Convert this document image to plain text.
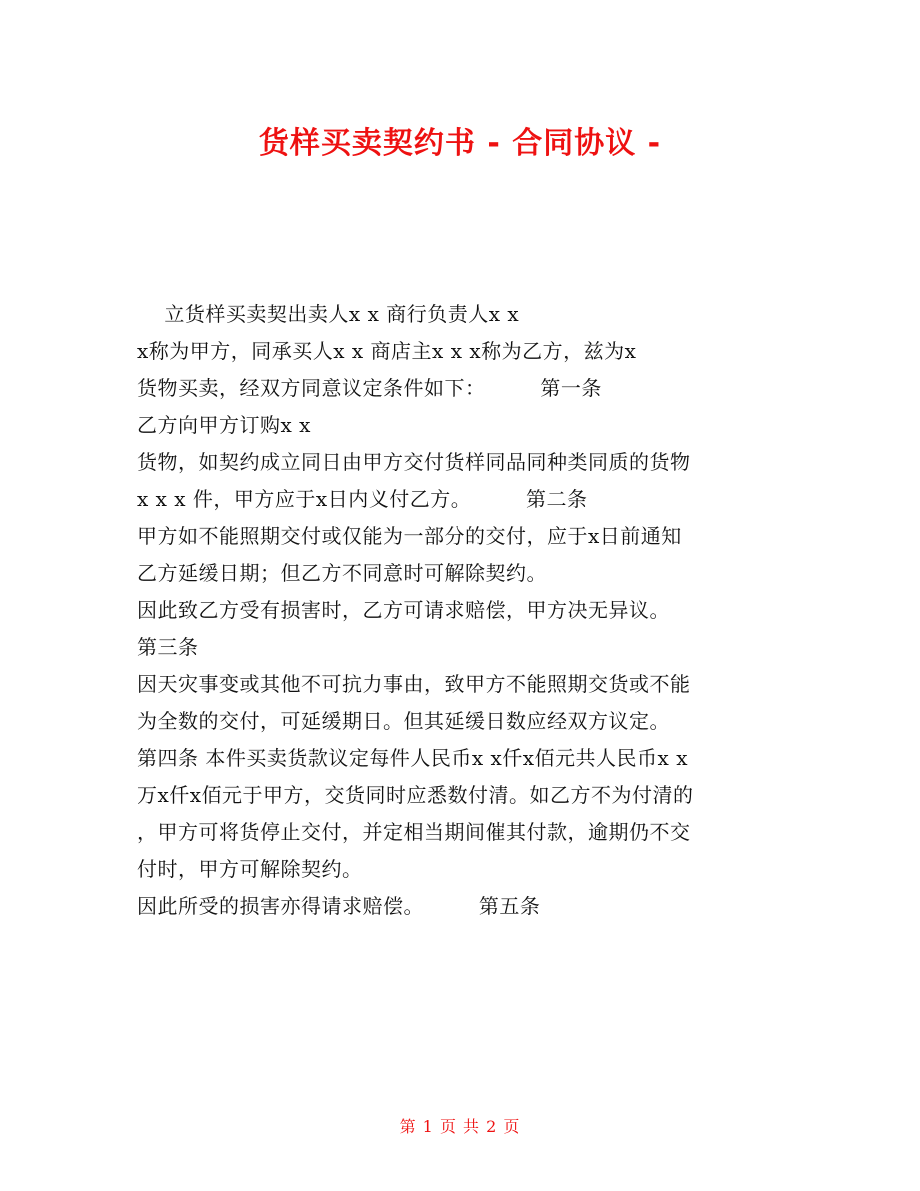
货样买卖契约书 - 合同协议 -
立货样买卖契出卖人x x 商行负责人x x
x称为甲方，同承买人x x 商店主x x x称为乙方，兹为x
货物买卖，经双方同意议定条件如下：        第一条
乙方向甲方订购x x
货物，如契约成立同日由甲方交付货样同品同种类同质的货物
x x x 件，甲方应于x日内义付乙方。        第二条
甲方如不能照期交付或仅能为一部分的交付，应于x日前通知
乙方延缓日期；但乙方不同意时可解除契约。
因此致乙方受有损害时，乙方可请求赔偿，甲方决无异议。
第三条
因天灾事变或其他不可抗力事由，致甲方不能照期交货或不能
为全数的交付，可延缓期日。但其延缓日数应经双方议定。
第四条 本件买卖货款议定每件人民币x x仟x佰元共人民币x x
万x仟x佰元于甲方，交货同时应悉数付清。如乙方不为付清的
，甲方可将货停止交付，并定相当期间催其付款，逾期仍不交
付时，甲方可解除契约。
因此所受的损害亦得请求赔偿。        第五条
第 1 页 共 2 页
